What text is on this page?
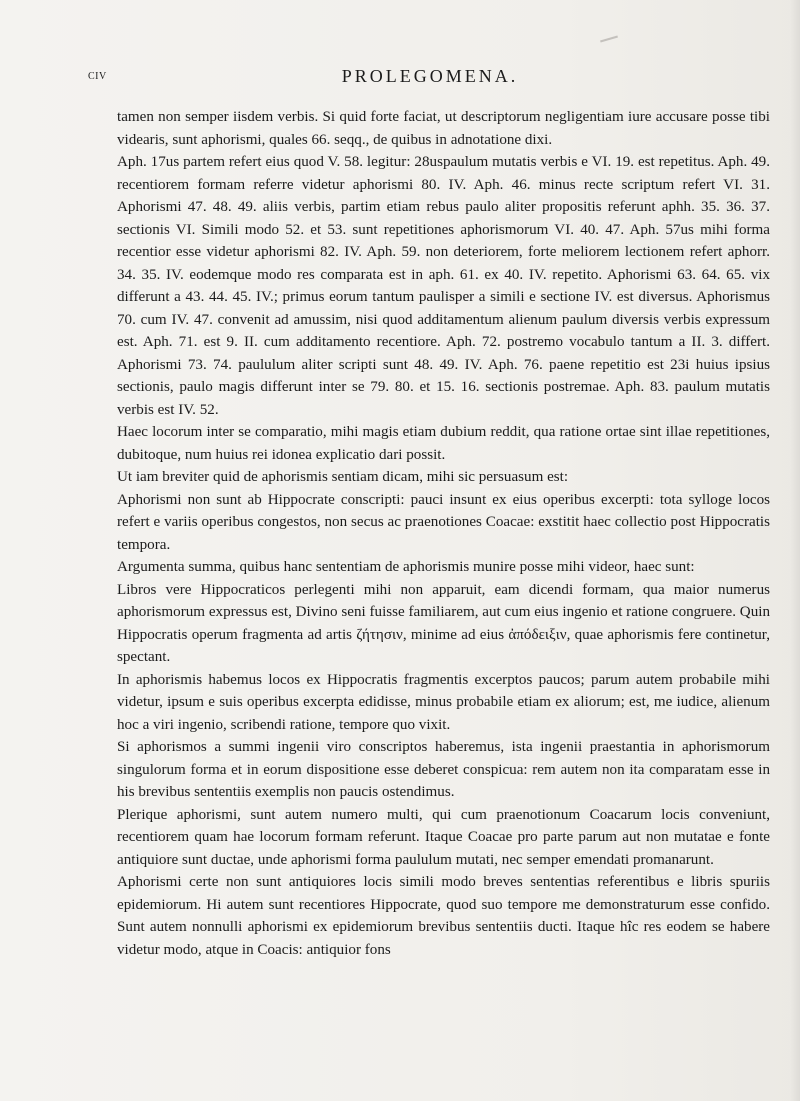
civ	PROLEGOMENA.

tamen non semper iisdem verbis. Si quid forte faciat, ut descriptorum negligentiam iure accusare posse tibi videaris, sunt aphorismi, quales 66. seqq., de quibus in adnotatione dixi.

Aph. 17us partem refert eius quod V. 58. legitur: 28uspaulum mutatis verbis e VI. 19. est repetitus. Aph. 49. recentiorem formam referre videtur aphorismi 80. IV. Aph. 46. minus recte scriptum refert VI. 31. Aphorismi 47. 48. 49. aliis verbis, partim etiam rebus paulo aliter propositis referunt aphh. 35. 36. 37. sectionis VI. Simili modo 52. et 53. sunt repetitiones aphorismorum VI. 40. 47. Aph. 57us mihi forma recentior esse videtur aphorismi 82. IV. Aph. 59. non deteriorem, forte meliorem lectionem refert aphorr. 34. 35. IV. eodemque modo res comparata est in aph. 61. ex 40. IV. repetito. Aphorismi 63. 64. 65. vix differunt a 43. 44. 45. IV.; primus eorum tantum paulisper a simili e sectione IV. est diversus. Aphorismus 70. cum IV. 47. convenit ad amussim, nisi quod additamentum alienum paulum diversis verbis expressum est. Aph. 71. est 9. II. cum additamento recentiore. Aph. 72. postremo vocabulo tantum a II. 3. differt. Aphorismi 73. 74. paululum aliter scripti sunt 48. 49. IV. Aph. 76. paene repetitio est 23i huius ipsius sectionis, paulo magis differunt inter se 79. 80. et 15. 16. sectionis postremae. Aph. 83. paulum mutatis verbis est IV. 52.

Haec locorum inter se comparatio, mihi magis etiam dubium reddit, qua ratione ortae sint illae repetitiones, dubitoque, num huius rei idonea explicatio dari possit.

Ut iam breviter quid de aphorismis sentiam dicam, mihi sic persuasum est:

Aphorismi non sunt ab Hippocrate conscripti: pauci insunt ex eius operibus excerpti: tota sylloge locos refert e variis operibus congestos, non secus ac praenotiones Coacae: exstitit haec collectio post Hippocratis tempora.

Argumenta summa, quibus hanc sententiam de aphorismis munire posse mihi videor, haec sunt:

Libros vere Hippocraticos perlegenti mihi non apparuit, eam dicendi formam, qua maior numerus aphorismorum expressus est, Divino seni fuisse familiarem, aut cum eius ingenio et ratione congruere. Quin Hippocratis operum fragmenta ad artis ζήτησιν, minime ad eius ἀπόδειξιν, quae aphorismis fere continetur, spectant.

In aphorismis habemus locos ex Hippocratis fragmentis excerptos paucos; parum autem probabile mihi videtur, ipsum e suis operibus excerpta edidisse, minus probabile etiam ex aliorum; est, me iudice, alienum hoc a viri ingenio, scribendi ratione, tempore quo vixit.

Si aphorismos a summi ingenii viro conscriptos haberemus, ista ingenii praestantia in aphorismorum singulorum forma et in eorum dispositione esse deberet conspicua: rem autem non ita comparatam esse in his brevibus sententiis exemplis non paucis ostendimus.

Plerique aphorismi, sunt autem numero multi, qui cum praenotionum Coacarum locis conveniunt, recentiorem quam hae locorum formam referunt. Itaque Coacae pro parte parum aut non mutatae e fonte antiquiore sunt ductae, unde aphorismi forma paululum mutati, nec semper emendati promanarunt.

Aphorismi certe non sunt antiquiores locis simili modo breves sententias referentibus e libris spuriis epidemiorum. Hi autem sunt recentiores Hippocrate, quod suo tempore me demonstraturum esse confido. Sunt autem nonnulli aphorismi ex epidemiorum brevibus sententiis ducti. Itaque hîc res eodem se habere videtur modo, atque in Coacis: antiquior fons
